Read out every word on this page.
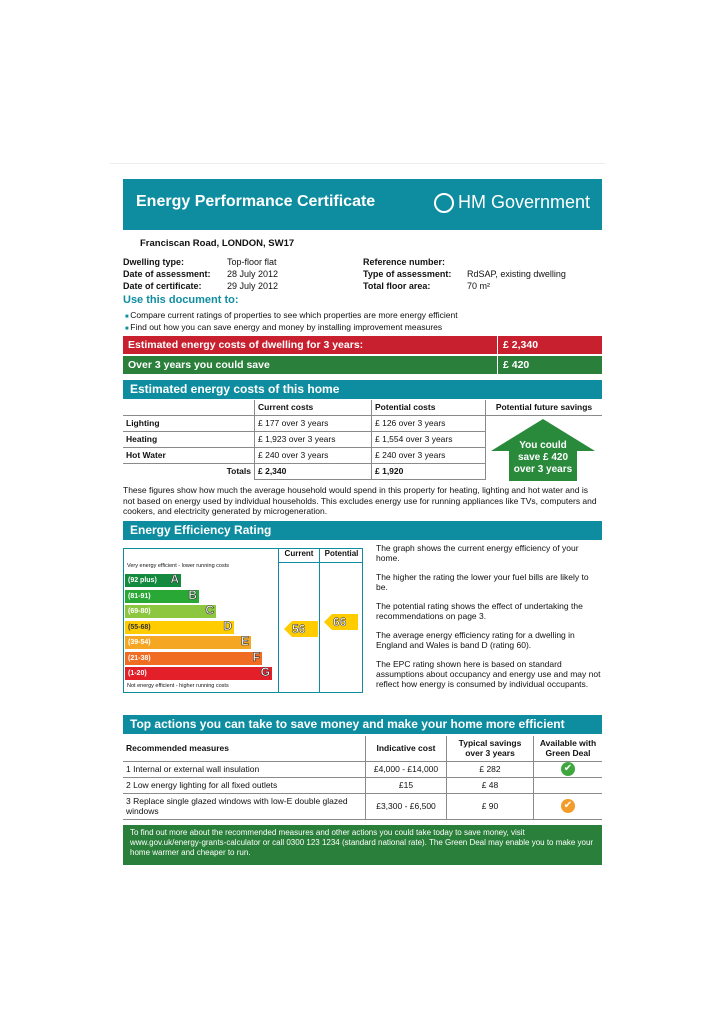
Energy Performance Certificate	HM Government
Franciscan Road, LONDON, SW17
Dwelling type:	Top-floor flat
Date of assessment:	28 July 2012
Date of certificate:	29 July 2012
Reference number:
Type of assessment:	RdSAP, existing dwelling
Total floor area:	70 m²
Use this document to:
■ Compare current ratings of properties to see which properties are more energy efficient
■ Find out how you can save energy and money by installing improvement measures
Estimated energy costs of dwelling for 3 years:	£ 2,340
Over 3 years you could save	£ 420
Estimated energy costs of this home
	Current costs	Potential costs
Lighting	£ 177 over 3 years	£ 126 over 3 years
Heating	£ 1,923 over 3 years	£ 1,554 over 3 years
Hot Water	£ 240 over 3 years	£ 240 over 3 years
Totals	£ 2,340	£ 1,920
Potential future savings
You could
save £ 420
over 3 years
These figures show how much the average household would spend in this property for heating, lighting and hot water and is not based on energy used by individual households. This excludes energy use for running appliances like TVs, computers and cookers, and electricity generated by microgeneration.
Energy Efficiency Rating
Current	Potential
Very energy efficient - lower running costs
Not energy efficient - higher running costs
(92 plus) A
(81-91)	B
(69-80)	C
(55-68)	D
(39-54)	E
(21-38)	F
(1-20)	G
56 66

The graph shows the current energy efficiency of your home.

The higher the rating the lower your fuel bills are likely to be.

The potential rating shows the effect of undertaking the recommendations on page 3.

The average energy efficiency rating for a dwelling in England and Wales is band D (rating 60).

The EPC rating shown here is based on standard assumptions about occupancy and energy use and may not reflect how energy is consumed by individual occupants.

Top actions you can take to save money and make your home more efficient
Recommended measures	Indicative cost	Typical savings over 3 years	Available with Green Deal
1 Internal or external wall insulation	£4,000 - £14,000	£ 282	✔
2 Low energy lighting for all fixed outlets	£15	£ 48	
3 Replace single glazed windows with low-E double glazed windows	£3,300 - £6,500	£ 90	✔
To find out more about the recommended measures and other actions you could take today to save money, visit www.gov.uk/energy-grants-calculator or call 0300 123 1234 (standard national rate). The Green Deal may enable you to make your home warmer and cheaper to run.
